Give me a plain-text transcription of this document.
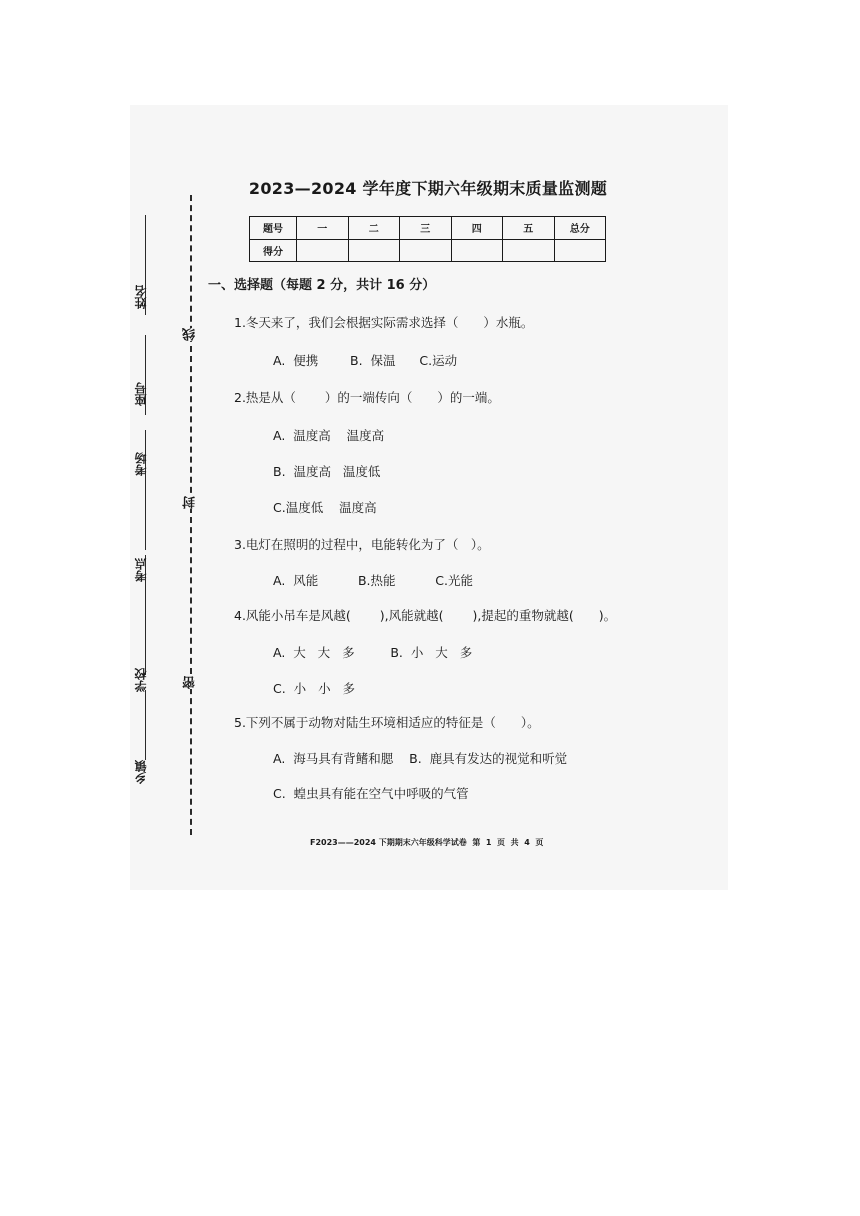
线
封
密
姓名
座号
考场
考点
学校
乡镇
2023—2024 学年度下期六年级期末质量监测题
题号	一	二	三	四	五	总分
得分						
一、选择题（每题 2 分，共计 16 分）
1.冬天来了，我们会根据实际需求选择（　　）水瓶。
A.  便携        B.  保温      C.运动
2.热是从（　　 ）的一端传向（　　）的一端。
A.  温度高    温度高
B.  温度高   温度低
C.温度低    温度高
3.电灯在照明的过程中，电能转化为了（　）。
A.  风能          B.热能          C.光能
4.风能小吊车是风越(　　 ),风能就越(　　 ),提起的重物就越(　　)。
A.  大   大   多         B.  小   大   多
C.  小   小   多
5.下列不属于动物对陆生环境相适应的特征是（　　）。
A.  海马具有背鳍和腮    B.  鹿具有发达的视觉和听觉
C.  蝗虫具有能在空气中呼吸的气管
F2023——2024 下期期末六年级科学试卷  第  1  页  共  4  页
